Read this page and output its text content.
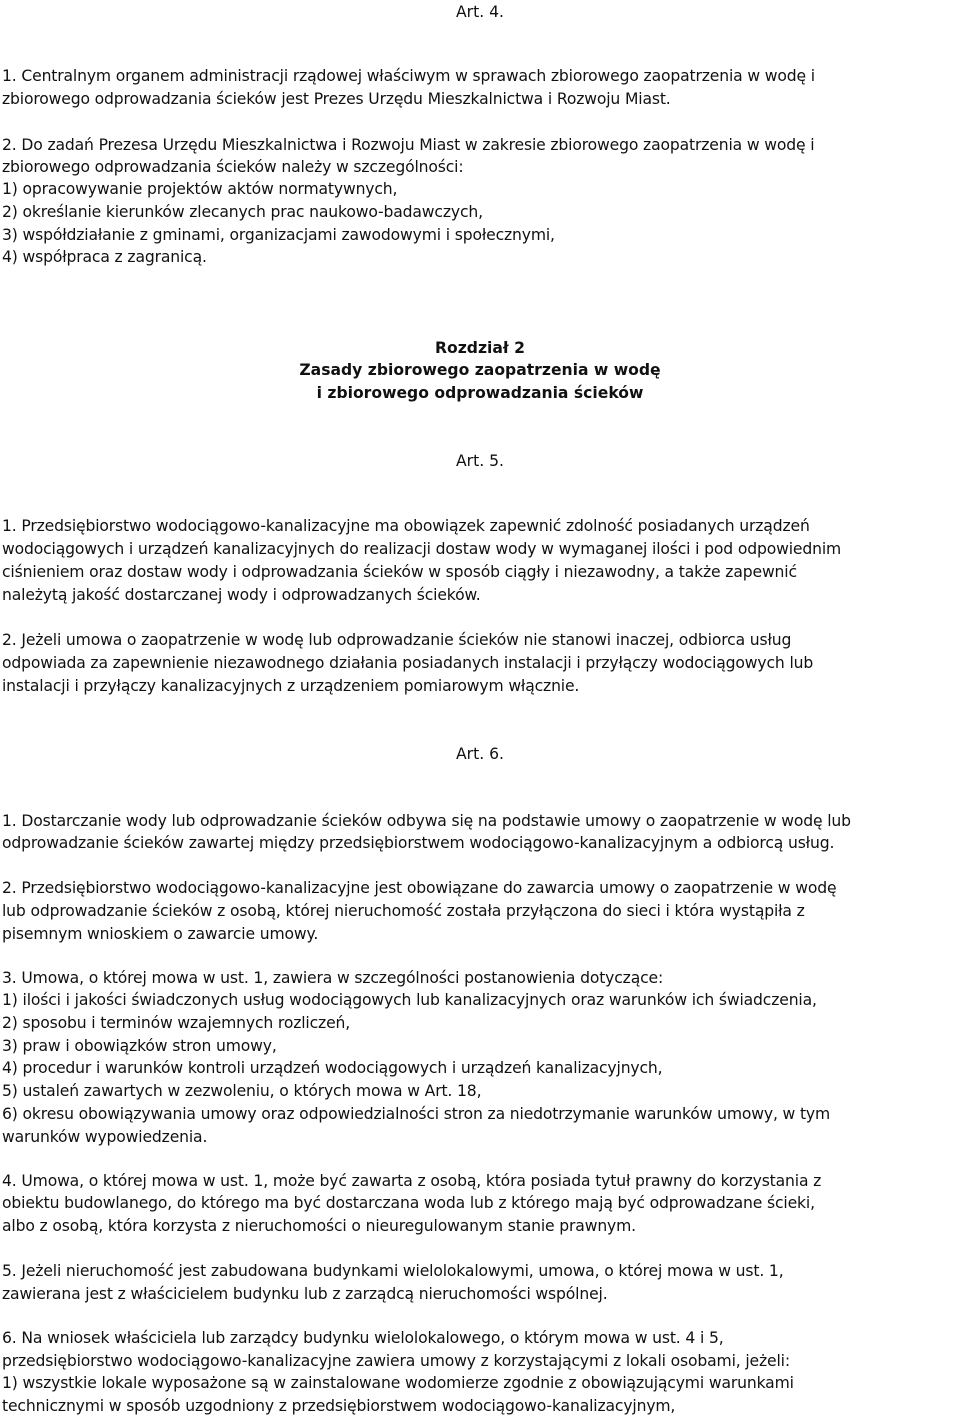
Art. 4.
1. Centralnym organem administracji rządowej właściwym w sprawach zbiorowego zaopatrzenia w wodę i
zbiorowego odprowadzania ścieków jest Prezes Urzędu Mieszkalnictwa i Rozwoju Miast.
2. Do zadań Prezesa Urzędu Mieszkalnictwa i Rozwoju Miast w zakresie zbiorowego zaopatrzenia w wodę i
zbiorowego odprowadzania ścieków należy w szczególności:
1) opracowywanie projektów aktów normatywnych,
2) określanie kierunków zlecanych prac naukowo-badawczych,
3) współdziałanie z gminami, organizacjami zawodowymi i społecznymi,
4) współpraca z zagranicą.
Rozdział 2
Zasady zbiorowego zaopatrzenia w wodę
i zbiorowego odprowadzania ścieków
Art. 5.
1. Przedsiębiorstwo wodociągowo-kanalizacyjne ma obowiązek zapewnić zdolność posiadanych urządzeń
wodociągowych i urządzeń kanalizacyjnych do realizacji dostaw wody w wymaganej ilości i pod odpowiednim
ciśnieniem oraz dostaw wody i odprowadzania ścieków w sposób ciągły i niezawodny, a także zapewnić
należytą jakość dostarczanej wody i odprowadzanych ścieków.
2. Jeżeli umowa o zaopatrzenie w wodę lub odprowadzanie ścieków nie stanowi inaczej, odbiorca usług
odpowiada za zapewnienie niezawodnego działania posiadanych instalacji i przyłączy wodociągowych lub
instalacji i przyłączy kanalizacyjnych z urządzeniem pomiarowym włącznie.
Art. 6.
1. Dostarczanie wody lub odprowadzanie ścieków odbywa się na podstawie umowy o zaopatrzenie w wodę lub
odprowadzanie ścieków zawartej między przedsiębiorstwem wodociągowo-kanalizacyjnym a odbiorcą usług.
2. Przedsiębiorstwo wodociągowo-kanalizacyjne jest obowiązane do zawarcia umowy o zaopatrzenie w wodę
lub odprowadzanie ścieków z osobą, której nieruchomość została przyłączona do sieci i która wystąpiła z
pisemnym wnioskiem o zawarcie umowy.
3. Umowa, o której mowa w ust. 1, zawiera w szczególności postanowienia dotyczące:
1) ilości i jakości świadczonych usług wodociągowych lub kanalizacyjnych oraz warunków ich świadczenia,
2) sposobu i terminów wzajemnych rozliczeń,
3) praw i obowiązków stron umowy,
4) procedur i warunków kontroli urządzeń wodociągowych i urządzeń kanalizacyjnych,
5) ustaleń zawartych w zezwoleniu, o których mowa w Art. 18,
6) okresu obowiązywania umowy oraz odpowiedzialności stron za niedotrzymanie warunków umowy, w tym
warunków wypowiedzenia.
4. Umowa, o której mowa w ust. 1, może być zawarta z osobą, która posiada tytuł prawny do korzystania z
obiektu budowlanego, do którego ma być dostarczana woda lub z którego mają być odprowadzane ścieki,
albo z osobą, która korzysta z nieruchomości o nieuregulowanym stanie prawnym.
5. Jeżeli nieruchomość jest zabudowana budynkami wielolokalowymi, umowa, o której mowa w ust. 1,
zawierana jest z właścicielem budynku lub z zarządcą nieruchomości wspólnej.
6. Na wniosek właściciela lub zarządcy budynku wielolokalowego, o którym mowa w ust. 4 i 5,
przedsiębiorstwo wodociągowo-kanalizacyjne zawiera umowy z korzystającymi z lokali osobami, jeżeli:
1) wszystkie lokale wyposażone są w zainstalowane wodomierze zgodnie z obowiązującymi warunkami
technicznymi w sposób uzgodniony z przedsiębiorstwem wodociągowo-kanalizacyjnym,
